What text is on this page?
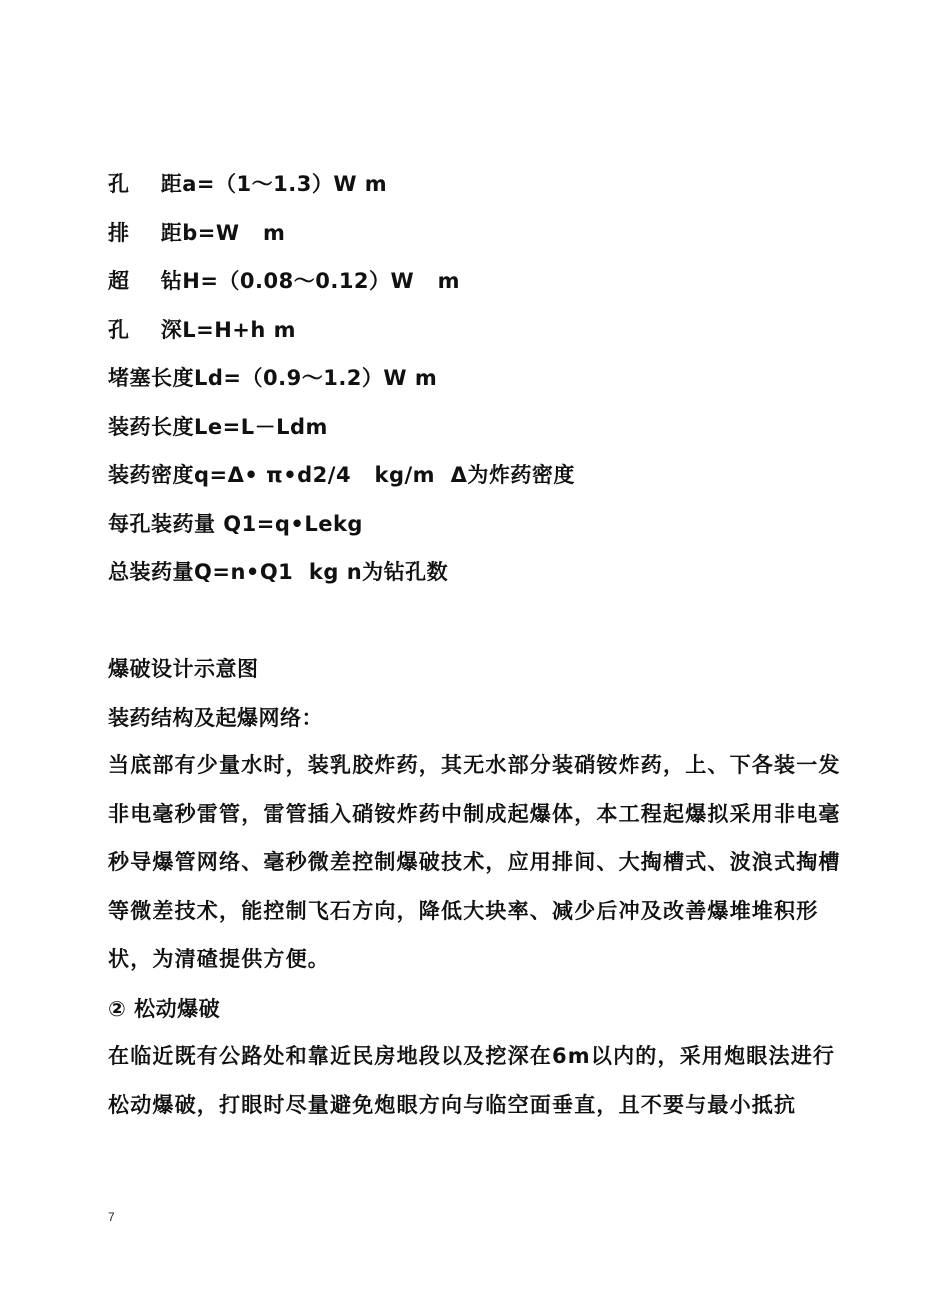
孔    距a=（1～1.3）W m
排    距b=W   m
超    钻H=（0.08～0.12）W   m
孔    深L=H+h m
堵塞长度Ld=（0.9～1.2）W m
装药长度Le=L－Ldm
装药密度q=Δ• π•d2/4   kg/m  Δ为炸药密度
每孔装药量 Q1=q•Lekg
总装药量Q=n•Q1  kg n为钻孔数
爆破设计示意图
装药结构及起爆网络：
当底部有少量水时，装乳胶炸药，其无水部分装硝铵炸药，上、下各装一发非电毫秒雷管，雷管插入硝铵炸药中制成起爆体，本工程起爆拟采用非电毫秒导爆管网络、毫秒微差控制爆破技术，应用排间、大掏槽式、波浪式掏槽等微差技术，能控制飞石方向，降低大块率、减少后冲及改善爆堆堆积形状，为清碴提供方便。
② 松动爆破
在临近既有公路处和靠近民房地段以及挖深在6m以内的，采用炮眼法进行松动爆破，打眼时尽量避免炮眼方向与临空面垂直，且不要与最小抵抗
7
